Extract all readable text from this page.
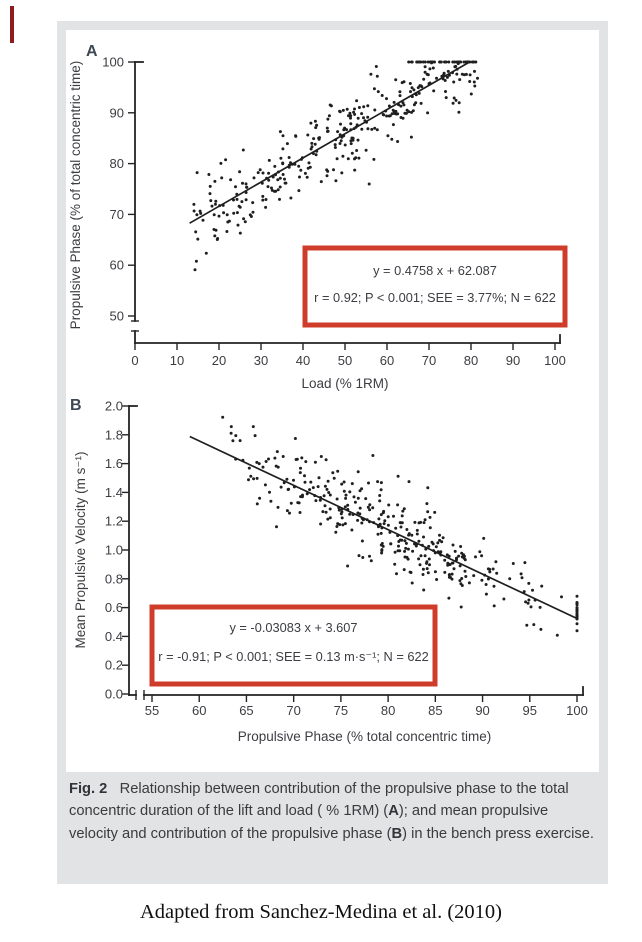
0 10 20 30 40 50 60 70 80 90 100
100
90
80
70
60
50
Load (% 1RM)
Propulsive Phase (% of total concentric time)
A
y = 0.4758 x + 62.087
r = 0.92; P < 0.001; SEE = 3.77%; N = 622
55	60	65	70	75	80	85	90	95 100
2.0
1.8
1.6
1.4
1.2
1.0
0.8
0.6
0.4
0.2
0.0
Propulsive Phase (% total concentric time)
Mean Propulsive Velocity (m s⁻¹)
B
y = -0.03083 x + 3.607
r = -0.91; P < 0.001; SEE = 0.13 m·s⁻¹; N = 622
Fig. 2   Relationship between contribution of the propulsive phase to the total concentric duration of the lift and load ( % 1RM) (A); and mean propulsive velocity and contribution of the propulsive phase (B) in the bench press exercise.
Adapted from Sanchez-Medina et al. (2010)
